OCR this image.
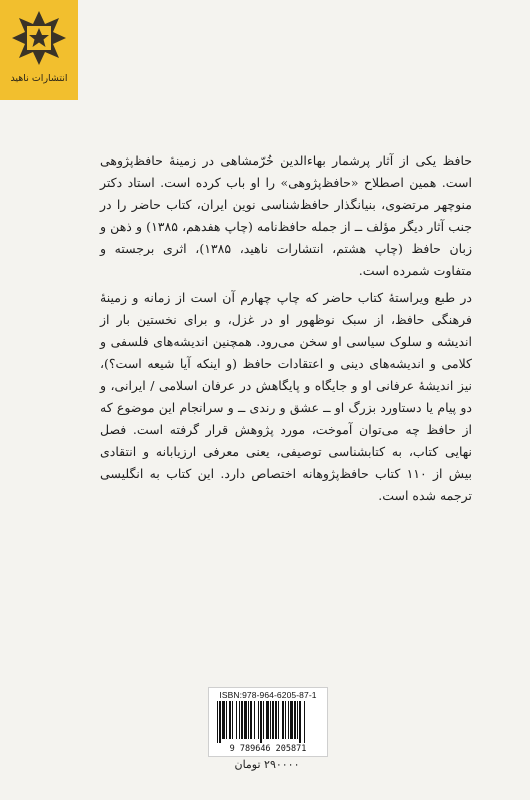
انتشارات ناهید

حافظ یکی از آثار پرشمار بهاءالدین خُرّمشاهی در زمینهٔ حافظ‌پژوهی است. همین اصطلاح «حافظ‌پژوهی» را او باب کرده است. استاد دکتر منوچهر مرتضوی، بنیانگذار حافظ‌شناسی نوین ایران، کتاب حاضر را در جنب آثار دیگر مؤلف ــ از جمله حافظ‌نامه (چاپ هفدهم، ۱۳۸۵) و ذهن و زبان حافظ (چاپ هشتم، انتشارات ناهید، ۱۳۸۵)، اثری برجسته و متفاوت شمرده است.

در طبع ویراستهٔ کتاب حاضر که چاپ چهارم آن است از زمانه و زمینهٔ فرهنگی حافظ، از سبک نوظهور او در غزل، و برای نخستین بار از اندیشه و سلوک سیاسی او سخن می‌رود. همچنین اندیشه‌های فلسفی و کلامی و اندیشه‌های دینی و اعتقادات حافظ (و اینکه آیا شیعه است؟)، نیز اندیشهٔ عرفانی او و جایگاه و پایگاهش در عرفان اسلامی / ایرانی، و دو پیام یا دستاورد بزرگ او ــ عشق و رندی ــ و سرانجام این موضوع که از حافظ چه می‌توان آموخت، مورد پژوهش قرار گرفته است. فصل نهایی کتاب، به کتابشناسی توصیفی، یعنی معرفی ارزیابانه و انتقادی بیش از ۱۱۰ کتاب حافظ‌پژوهانه اختصاص دارد. این کتاب به انگلیسی ترجمه شده است.

ISBN:978-964-6205-87-1
9 789646 205871
۲۹۰۰۰۰ تومان
